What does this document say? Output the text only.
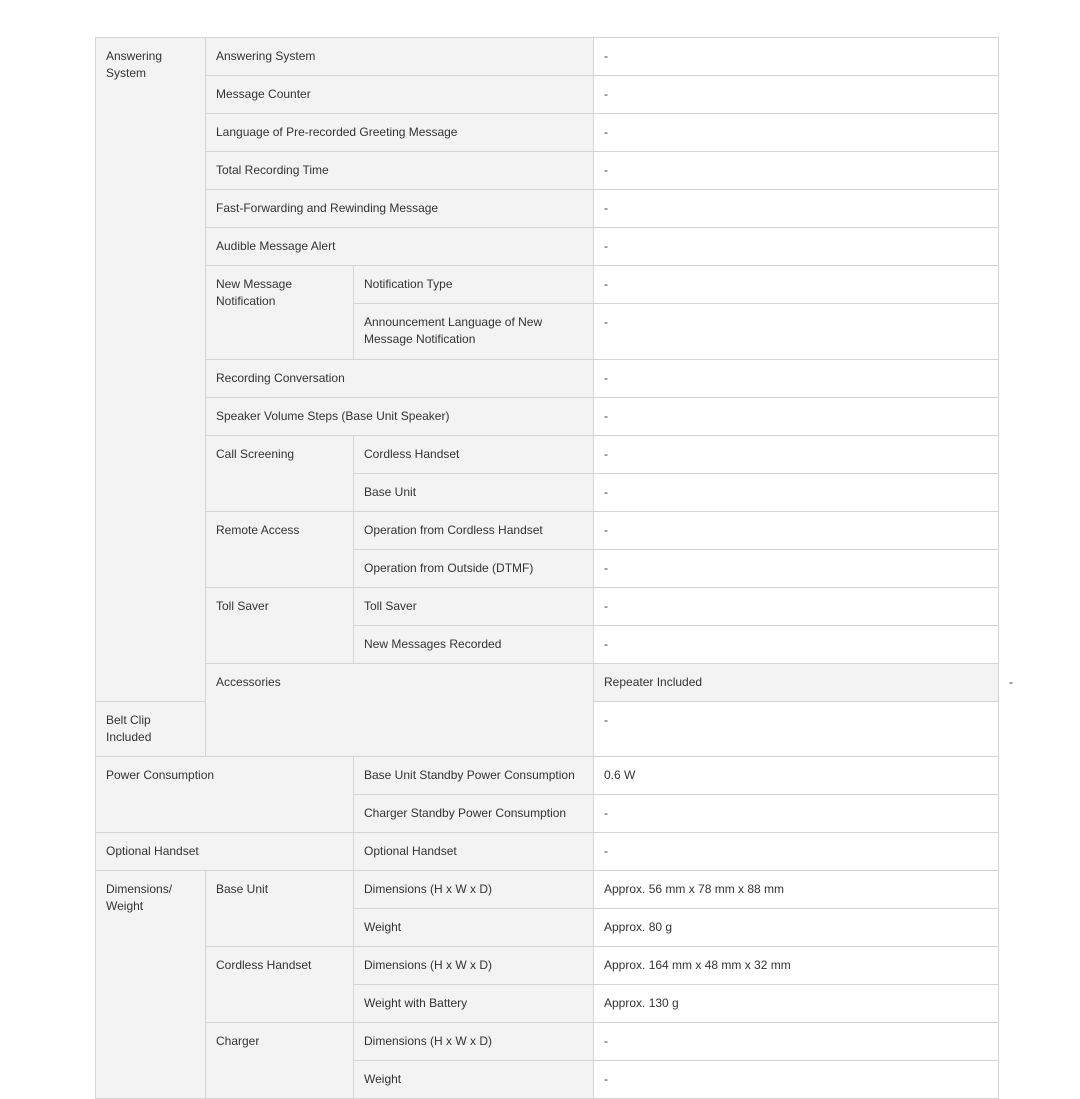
Answering System	Answering System		-	
	Message Counter		-	
	Language of Pre-recorded Greeting Message		-	
	Total Recording Time		-	
	Fast-Forwarding and Rewinding Message		-	
	Audible Message Alert		-	
	New Message Notification	Notification Type	-	
		Announcement Language of New Message Notification	-	
	Recording Conversation		-	
	Speaker Volume Steps (Base Unit Speaker)		-	
	Call Screening	Cordless Handset	-	
		Base Unit	-	
	Remote Access	Operation from Cordless Handset	-	
		Operation from Outside (DTMF)	-	
	Toll Saver	Toll Saver	-	
		New Messages Recorded	-	
	Accessories		Repeater Included	-
Belt Clip Included			-	
Power Consumption		Base Unit Standby Power Consumption	0.6 W	
		Charger Standby Power Consumption	-	
Optional Handset		Optional Handset	-	
Dimensions/ Weight	Base Unit	Dimensions (H x W x D)	Approx. 56 mm x 78 mm x 88 mm	
		Weight	Approx. 80 g	
	Cordless Handset	Dimensions (H x W x D)	Approx. 164 mm x 48 mm x 32 mm	
		Weight with Battery	Approx. 130 g	
	Charger	Dimensions (H x W x D)	-	
		Weight	-	
